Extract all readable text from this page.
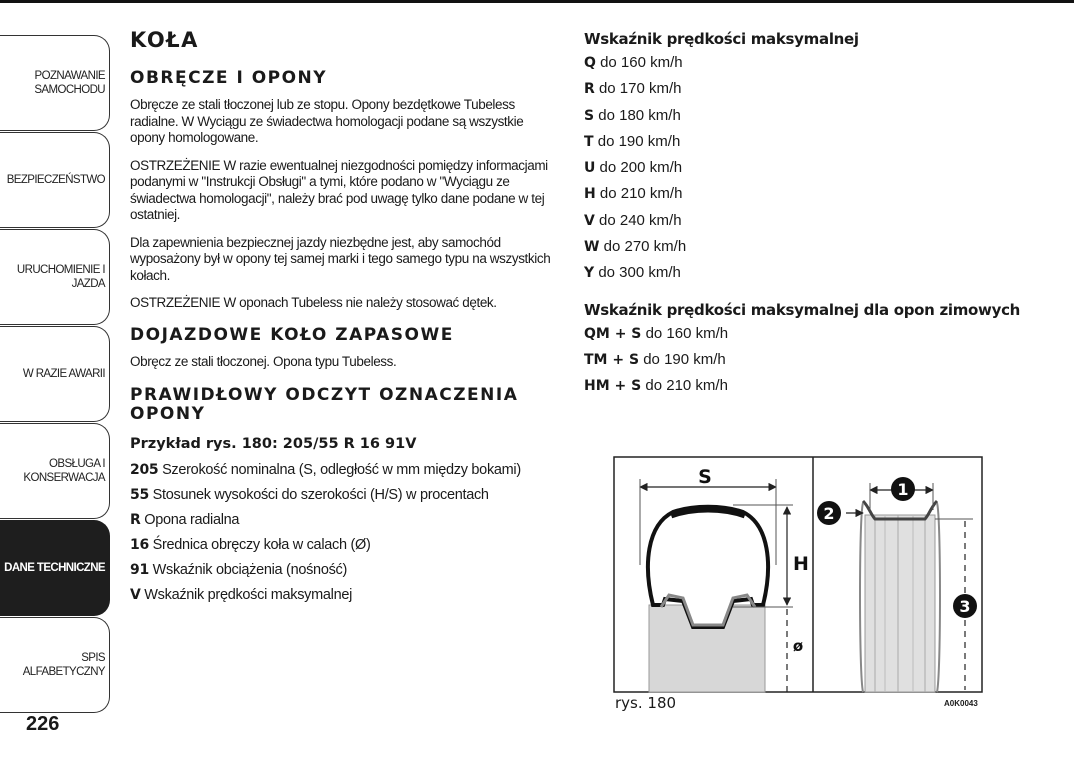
POZNAWANIE SAMOCHODU
BEZPIECZEŃSTWO
URUCHOMIENIE I JAZDA
W RAZIE AWARII
OBSŁUGA I KONSERWACJA
DANE TECHNICZNE
SPIS ALFABETYCZNY
226
KOŁA
OBRĘCZE I OPONY
Obręcze ze stali tłoczonej lub ze stopu. Opony bezdętkowe Tubeless radialne. W Wyciągu ze świadectwa homologacji podane są wszystkie opony homologowane.
OSTRZEŻENIE W razie ewentualnej niezgodności pomiędzy informacjami podanymi w "Instrukcji Obsługi" a tymi, które podano w "Wyciągu ze świadectwa homologacji", należy brać pod uwagę tylko dane podane w tej ostatniej.
Dla zapewnienia bezpiecznej jazdy niezbędne jest, aby samochód wyposażony był w opony tej samej marki i tego samego typu na wszystkich kołach.
OSTRZEŻENIE W oponach Tubeless nie należy stosować dętek.
DOJAZDOWE KOŁO ZAPASOWE
Obręcz ze stali tłoczonej. Opona typu Tubeless.
PRAWIDŁOWY ODCZYT OZNACZENIA OPONY
Przykład rys. 180: 205/55 R 16 91V
205 Szerokość nominalna (S, odległość w mm między bokami)
55 Stosunek wysokości do szerokości (H/S) w procentach
R Opona radialna
16 Średnica obręczy koła w calach (Ø)
91 Wskaźnik obciążenia (nośność)
V Wskaźnik prędkości maksymalnej
Wskaźnik prędkości maksymalnej
Q do 160 km/h
R do 170 km/h
S do 180 km/h
T do 190 km/h
U do 200 km/h
H do 210 km/h
V do 240 km/h
W do 270 km/h
Y do 300 km/h
Wskaźnik prędkości maksymalnej dla opon zimowych
QM + S do 160 km/h
TM + S do 190 km/h
HM + S do 210 km/h
S
H
ø
1
2
3
rys. 180	A0K0043
